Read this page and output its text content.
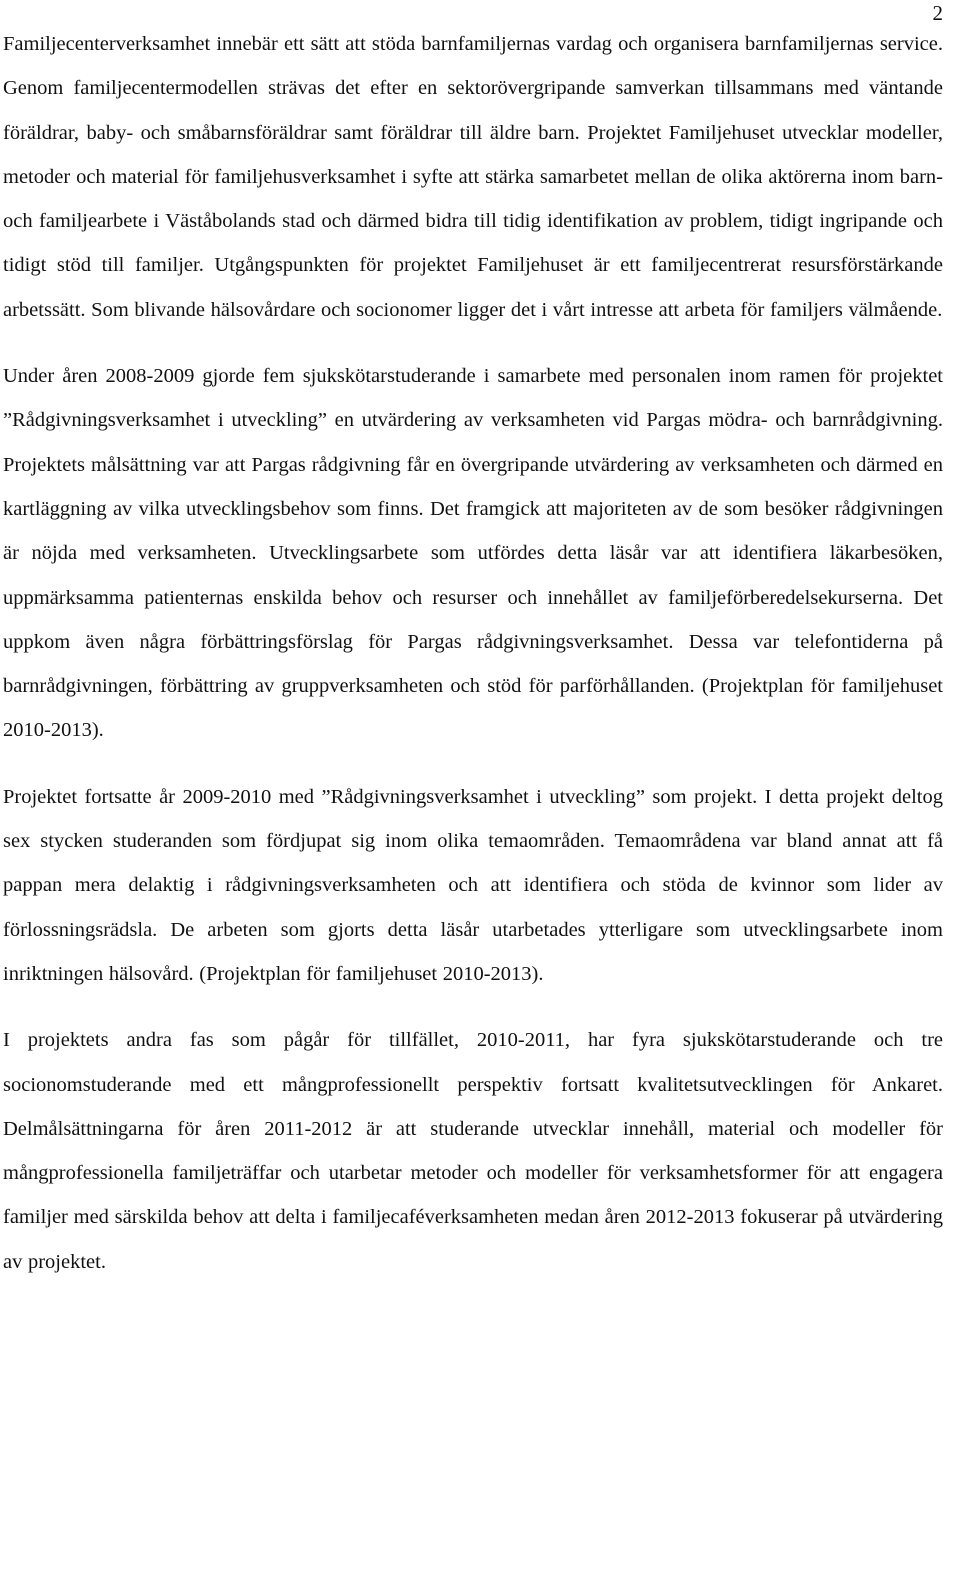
2

Familjecenterverksamhet innebär ett sätt att stöda barnfamiljernas vardag och organisera barnfamiljernas service. Genom familjecentermodellen strävas det efter en sektorövergripande samverkan tillsammans med väntande föräldrar, baby- och småbarnsföräldrar samt föräldrar till äldre barn. Projektet Familjehuset utvecklar modeller, metoder och material för familjehusverksamhet i syfte att stärka samarbetet mellan de olika aktörerna inom barn- och familjearbete i Väståbolands stad och därmed bidra till tidig identifikation av problem, tidigt ingripande och tidigt stöd till familjer. Utgångspunkten för projektet Familjehuset är ett familjecentrerat resursförstärkande arbetssätt. Som blivande hälsovårdare och socionomer ligger det i vårt intresse att arbeta för familjers välmående.

Under åren 2008-2009 gjorde fem sjukskötarstuderande i samarbete med personalen inom ramen för projektet ”Rådgivningsverksamhet i utveckling” en utvärdering av verksamheten vid Pargas mödra- och barnrådgivning. Projektets målsättning var att Pargas rådgivning får en övergripande utvärdering av verksamheten och därmed en kartläggning av vilka utvecklingsbehov som finns. Det framgick att majoriteten av de som besöker rådgivningen är nöjda med verksamheten. Utvecklingsarbete som utfördes detta läsår var att identifiera läkarbesöken, uppmärksamma patienternas enskilda behov och resurser och innehållet av familjeförberedelsekurserna. Det uppkom även några förbättringsförslag för Pargas rådgivningsverksamhet. Dessa var telefontiderna på barnrådgivningen, förbättring av gruppverksamheten och stöd för parförhållanden. (Projektplan för familjehuset 2010-2013).

Projektet fortsatte år 2009-2010 med ”Rådgivningsverksamhet i utveckling” som projekt. I detta projekt deltog sex stycken studeranden som fördjupat sig inom olika temaområden. Temaområdena var bland annat att få pappan mera delaktig i rådgivningsverksamheten och att identifiera och stöda de kvinnor som lider av förlossningsrädsla. De arbeten som gjorts detta läsår utarbetades ytterligare som utvecklingsarbete inom inriktningen hälsovård. (Projektplan för familjehuset 2010-2013).

I projektets andra fas som pågår för tillfället, 2010-2011, har fyra sjukskötarstuderande och tre socionomstuderande med ett mångprofessionellt perspektiv fortsatt kvalitetsutvecklingen för Ankaret. Delmålsättningarna för åren 2011-2012 är att studerande utvecklar innehåll, material och modeller för mångprofessionella familjeträffar och utarbetar metoder och modeller för verksamhetsformer för att engagera familjer med särskilda behov att delta i familjecaféverksamheten medan åren 2012-2013 fokuserar på utvärdering av projektet.
